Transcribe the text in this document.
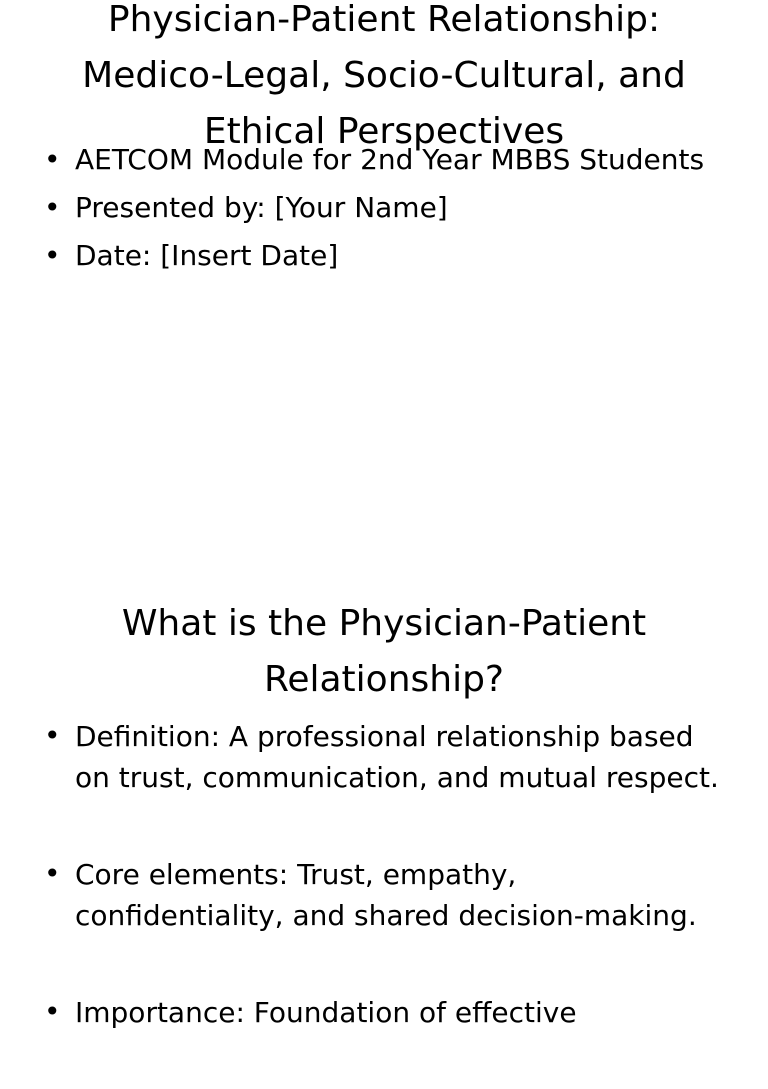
Physician-Patient Relationship: Medico-Legal, Socio-Cultural, and Ethical Perspectives
• AETCOM Module for 2nd Year MBBS Students
• Presented by: [Your Name]
• Date: [Insert Date]
What is the Physician-Patient Relationship?
• Definition: A professional relationship based on trust, communication, and mutual respect.
• Core elements: Trust, empathy, confidentiality, and shared decision-making.
• Importance: Foundation of effective
